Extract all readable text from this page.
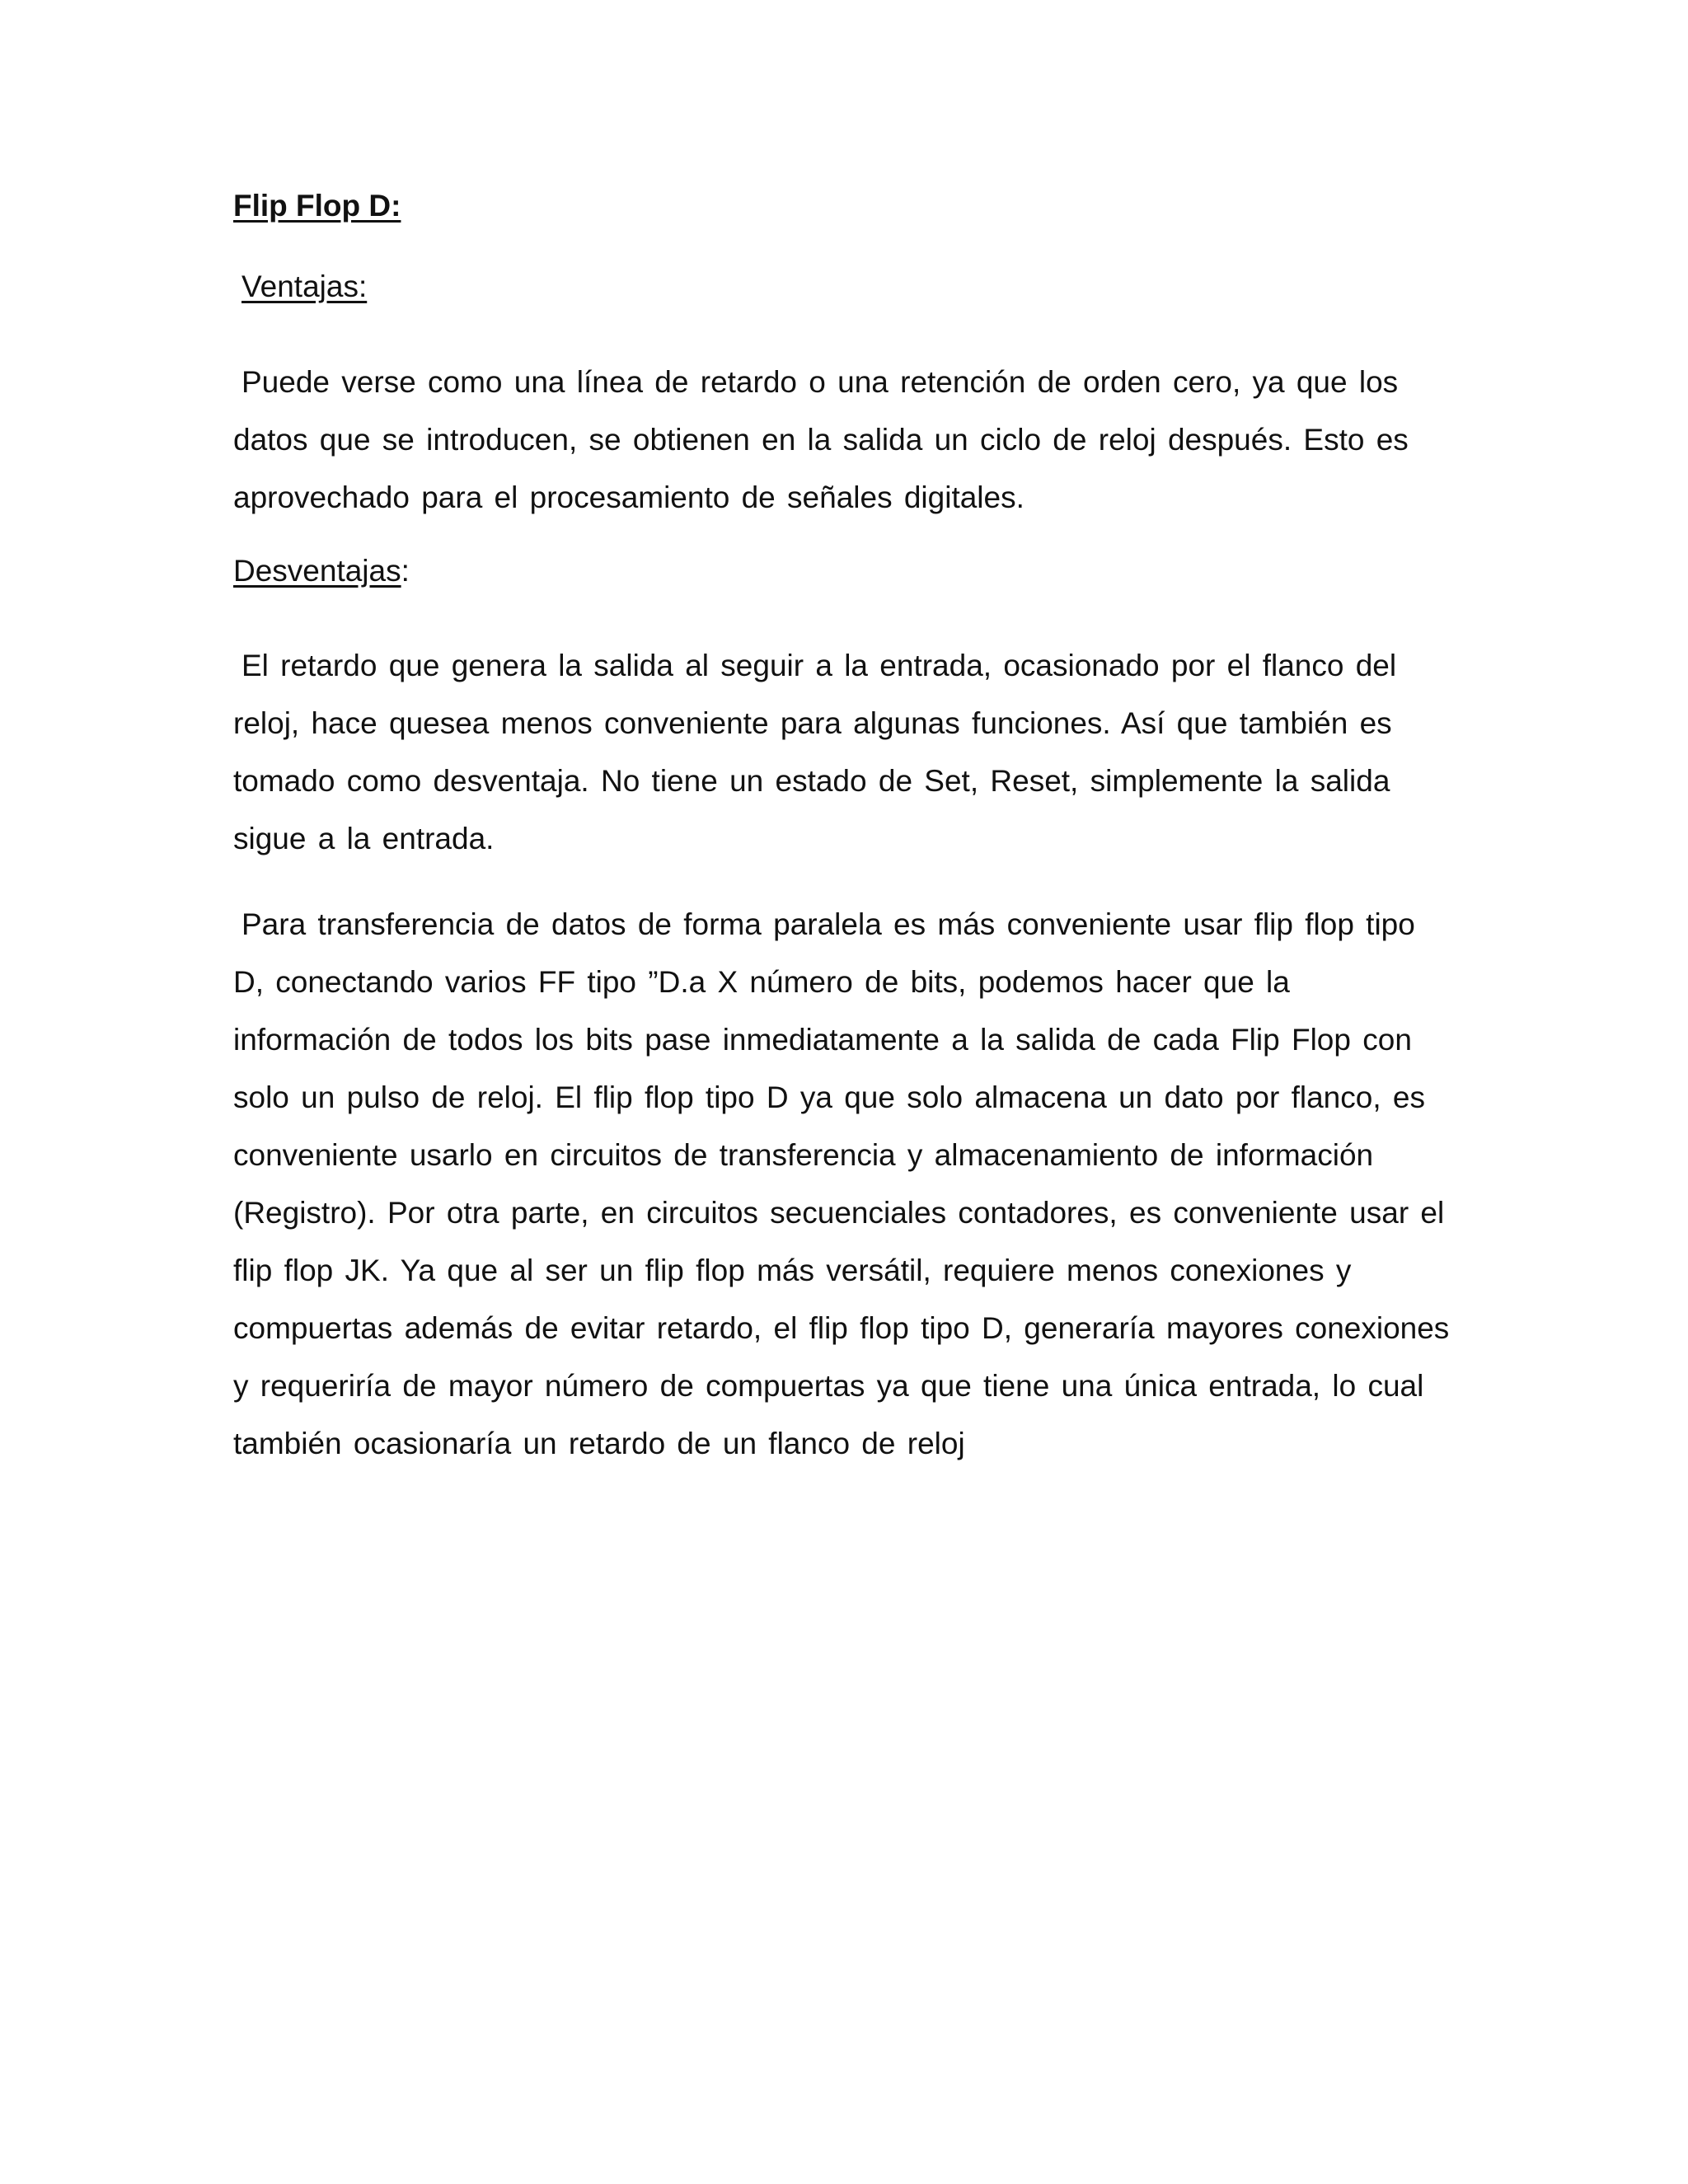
Flip Flop D:
Ventajas:

Puede verse como una línea de retardo o una retención de orden cero, ya que los datos que se introducen, se obtienen en la salida un ciclo de reloj después. Esto es aprovechado para el procesamiento de señales digitales.

Desventajas:

El retardo que genera la salida al seguir a la entrada, ocasionado por el flanco del reloj, hace quesea menos conveniente para algunas funciones. Así que también es tomado como desventaja. No tiene un estado de Set, Reset, simplemente la salida sigue a la entrada.

Para transferencia de datos de forma paralela es más conveniente usar flip flop tipo D, conectando varios FF tipo ”D.a X número de bits, podemos hacer que la información de todos los bits pase inmediatamente a la salida de cada Flip Flop con solo un pulso de reloj. El flip flop tipo D ya que solo almacena un dato por flanco, es conveniente usarlo en circuitos de transferencia y almacenamiento de información (Registro). Por otra parte, en circuitos secuenciales contadores, es conveniente usar el flip flop JK. Ya que al ser un flip flop más versátil, requiere menos conexiones y compuertas además de evitar retardo, el flip flop tipo D, generaría mayores conexiones y requeriría de mayor número de compuertas ya que tiene una única entrada, lo cual también ocasionaría un retardo de un flanco de reloj
